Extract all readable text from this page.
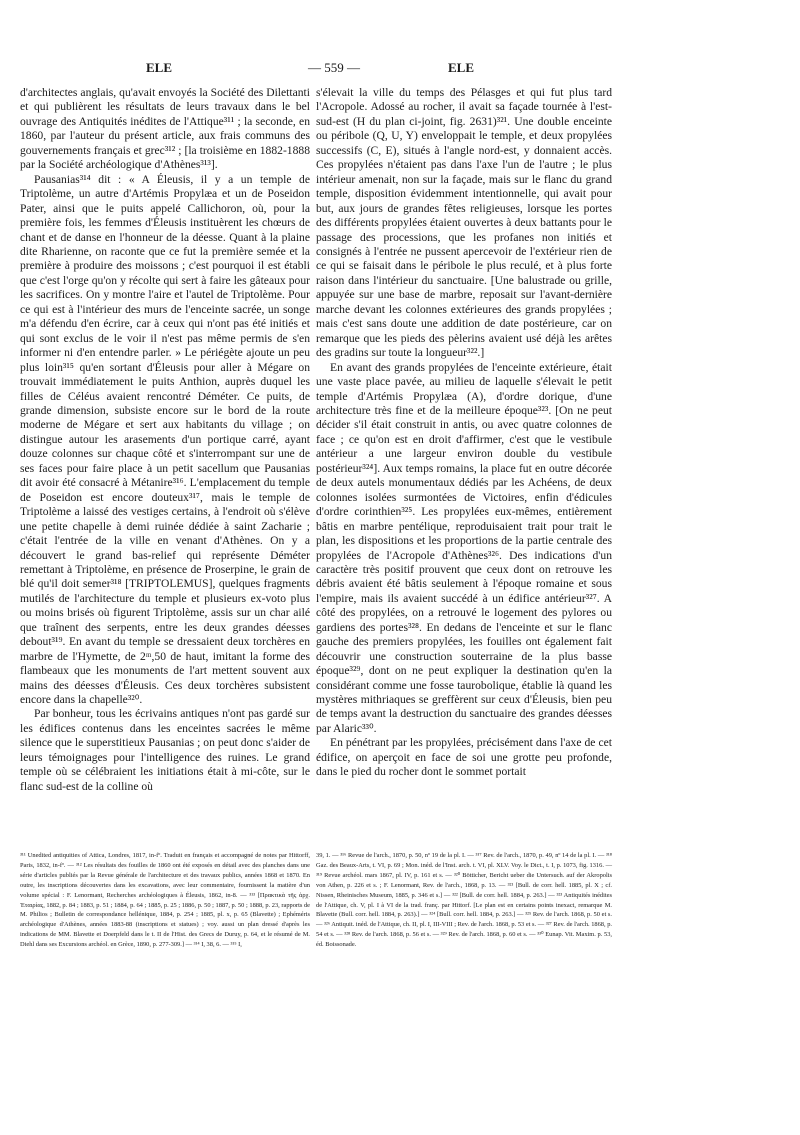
ELE	— 559 —	ELE

d'architectes anglais, qu'avait envoyés la Société des Dilettanti et qui publièrent les résultats de leurs travaux dans le bel ouvrage des Antiquités inédites de l'Attique³¹¹ ; la seconde, en 1860, par l'auteur du présent article, aux frais communs des gouvernements français et grec³¹² ; [la troisième en 1882-1888 par la Société archéologique d'Athènes³¹³].

Pausanias³¹⁴ dit : « A Éleusis, il y a un temple de Triptolème, un autre d'Artémis Propylæa et un de Poseidon Pater, ainsi que le puits appelé Callichoron, où, pour la première fois, les femmes d'Éleusis instituèrent les chœurs de chant et de danse en l'honneur de la déesse. Quant à la plaine dite Rharienne, on raconte que ce fut la première semée et la première à produire des moissons ; c'est pourquoi il est établi que c'est l'orge qu'on y récolte qui sert à faire les gâteaux pour les sacrifices. On y montre l'aire et l'autel de Triptolème. Pour ce qui est à l'intérieur des murs de l'enceinte sacrée, un songe m'a défendu d'en écrire, car à ceux qui n'ont pas été initiés et qui sont exclus de le voir il n'est pas même permis de s'en informer ni d'en entendre parler. » Le périégète ajoute un peu plus loin³¹⁵ qu'en sortant d'Éleusis pour aller à Mégare on trouvait immédiatement le puits Anthion, auprès duquel les filles de Céléus avaient rencontré Déméter. Ce puits, de grande dimension, subsiste encore sur le bord de la route moderne de Mégare et sert aux habitants du village ; on distingue autour les arasements d'un portique carré, ayant douze colonnes sur chaque côté et s'interrompant sur une de ses faces pour faire place à un petit sacellum que Pausanias dit avoir été consacré à Métanire³¹⁶. L'emplacement du temple de Poseidon est encore douteux³¹⁷, mais le temple de Triptolème a laissé des vestiges certains, à l'endroit où s'élève une petite chapelle à demi ruinée dédiée à saint Zacharie ; c'était l'entrée de la ville en venant d'Athènes. On y a découvert le grand bas-relief qui représente Déméter remettant à Triptolème, en présence de Proserpine, le grain de blé qu'il doit semer³¹⁸ [TRIPTOLEMUS], quelques fragments mutilés de l'architecture du temple et plusieurs ex-voto plus ou moins brisés où figurent Triptolème, assis sur un char ailé que traînent des serpents, entre les deux grandes déesses debout³¹⁹. En avant du temple se dressaient deux torchères en marbre de l'Hymette, de 2ᵐ,50 de haut, imitant la forme des flambeaux que les monuments de l'art mettent souvent aux mains des déesses d'Éleusis. Ces deux torchères subsistent encore dans la chapelle³²⁰.

Par bonheur, tous les écrivains antiques n'ont pas gardé sur les édifices contenus dans les enceintes sacrées le même silence que le superstitieux Pausanias ; on peut donc s'aider de leurs témoignages pour l'intelligence des ruines. Le grand temple où se célébraient les initiations était à mi-côte, sur le flanc sud-est de la colline où

s'élevait la ville du temps des Pélasges et qui fut plus tard l'Acropole. Adossé au rocher, il avait sa façade tournée à l'est-sud-est (H du plan ci-joint, fig. 2631)³²¹. Une double enceinte ou péribole (Q, U, Y) enveloppait le temple, et deux propylées successifs (C, E), situés à l'angle nord-est, y donnaient accès. Ces propylées n'étaient pas dans l'axe l'un de l'autre ; le plus intérieur amenait, non sur la façade, mais sur le flanc du grand temple, disposition évidemment intentionnelle, qui avait pour but, aux jours de grandes fêtes religieuses, lorsque les portes des différents propylées étaient ouvertes à deux battants pour le passage des processions, que les profanes non initiés et consignés à l'entrée ne pussent apercevoir de l'extérieur rien de ce qui se faisait dans le péribole le plus reculé, et à plus forte raison dans l'intérieur du sanctuaire. [Une balustrade ou grille, appuyée sur une base de marbre, reposait sur l'avant-dernière marche devant les colonnes extérieures des grands propylées ; mais c'est sans doute une addition de date postérieure, car on remarque que les pieds des pèlerins avaient usé déjà les arêtes des gradins sur toute la longueur³²².]

En avant des grands propylées de l'enceinte extérieure, était une vaste place pavée, au milieu de laquelle s'élevait le petit temple d'Artémis Propylæa (A), d'ordre dorique, d'une architecture très fine et de la meilleure époque³²³. [On ne peut décider s'il était construit in antis, ou avec quatre colonnes de face ; ce qu'on est en droit d'affirmer, c'est que le vestibule antérieur a une largeur environ double du vestibule postérieur³²⁴]. Aux temps romains, la place fut en outre décorée de deux autels monumentaux dédiés par les Achéens, de deux colonnes isolées surmontées de Victoires, enfin d'édicules d'ordre corinthien³²⁵. Les propylées eux-mêmes, entièrement bâtis en marbre pentélique, reproduisaient trait pour trait le plan, les dispositions et les proportions de la partie centrale des propylées de l'Acropole d'Athènes³²⁶. Des indications d'un caractère très positif prouvent que ceux dont on retrouve les débris avaient été bâtis seulement à l'époque romaine et sous l'empire, mais ils avaient succédé à un édifice antérieur³²⁷. A côté des propylées, on a retrouvé le logement des pylores ou gardiens des portes³²⁸. En dedans de l'enceinte et sur le flanc gauche des premiers propylées, les fouilles ont également fait découvrir une construction souterraine de la plus basse époque³²⁹, dont on ne peut expliquer la destination qu'en la considérant comme une fosse taurobolique, établie là quand les mystères mithriaques se greffèrent sur ceux d'Éleusis, bien peu de temps avant la destruction du sanctuaire des grandes déesses par Alaric³³⁰.

En pénétrant par les propylées, précisément dans l'axe de cet édifice, on aperçoit en face de soi une grotte peu profonde, dans le pied du rocher dont le sommet portait

³¹¹ Unedited antiquities of Attica, Londres, 1817, in-fº. Traduit en français et accompagné de notes par Hittorff, Paris, 1832, in-fº. — ³¹² Les résultats des fouilles de 1860 ont été exposés en détail avec des planches dans une série d'articles publiés par la Revue générale de l'architecture et des travaux publics, années 1868 et 1870. En outre, les inscriptions découvertes dans les excavations, avec leur commentaire, fournissent la matière d'un volume spécial : F. Lenormant, Recherches archéologiques à Éleusis, 1862, in-8. — ³¹³ [Πρακτικὰ τῆς ἀρχ. Ἑταιρίας, 1882, p. 84 ; 1883, p. 51 ; 1884, p. 64 ; 1885, p. 25 ; 1886, p. 50 ; 1887, p. 50 ; 1888, p. 23, rapports de M. Philios ; Bulletin de correspondance hellénique, 1884, p. 254 ; 1885, pl. x, p. 65 (Blavette) ; Ephéméris archéologique d'Athènes, années 1883-88 (inscriptions et statues) ; voy. aussi un plan dressé d'après les indications de MM. Blavette et Doerpfeld dans le t. II de l'Hist. des Grecs de Duruy, p. 64, et le résumé de M. Diehl dans ses Excursions archéol. en Grèce, 1890, p. 277-309.] — ³¹⁴ I, 38, 6. — ³¹⁵ I,
39, 1. — ³¹⁶ Revue de l'arch., 1870, p. 50, nº 19 de la pl. I. — ³¹⁷ Rev. de l'arch., 1870, p. 49, nº 14 de la pl. I. — ³¹⁸ Gaz. des Beaux-Arts, t. VI, p. 69 ; Mon. inéd. de l'Inst. arch. t. VI, pl. XLV. Voy. le Dict., t. I, p. 1073, fig. 1316. — ³¹⁹ Revue archéol. mars 1867, pl. IV, p. 161 et s. — ³²⁰ Bötticher, Bericht ueber die Untersuch. auf der Akropolis von Athen, p. 226 et s. ; F. Lenormant, Rev. de l'arch., 1868, p. 13. — ³²¹ [Bull. de corr. hell. 1885, pl. X ; cf. Nissen, Rheinisches Museum, 1885, p. 346 et s.] — ³²² [Bull. de corr. hell. 1884, p. 263.] — ³²³ Antiquités inédites de l'Attique, ch. V, pl. I à VI de la trad. franç. par Hittorf. [Le plan est en certains points inexact, remarque M. Blavette (Bull. corr. hell. 1884, p. 263).] — ³²⁴ [Bull. corr. hell. 1884, p. 263.] — ³²⁵ Rev. de l'arch. 1868, p. 50 et s. — ³²⁶ Antiquit. inéd. de l'Attique, ch. II, pl. I, III-VIII ; Rev. de l'arch. 1868, p. 53 et s. — ³²⁷ Rev. de l'arch. 1868, p. 54 et s. — ³²⁸ Rev. de l'arch. 1868, p. 56 et s. — ³²⁹ Rev. de l'arch. 1868, p. 60 et s. — ³³⁰ Eunap. Vit. Maxim. p. 53, éd. Boissonade.
